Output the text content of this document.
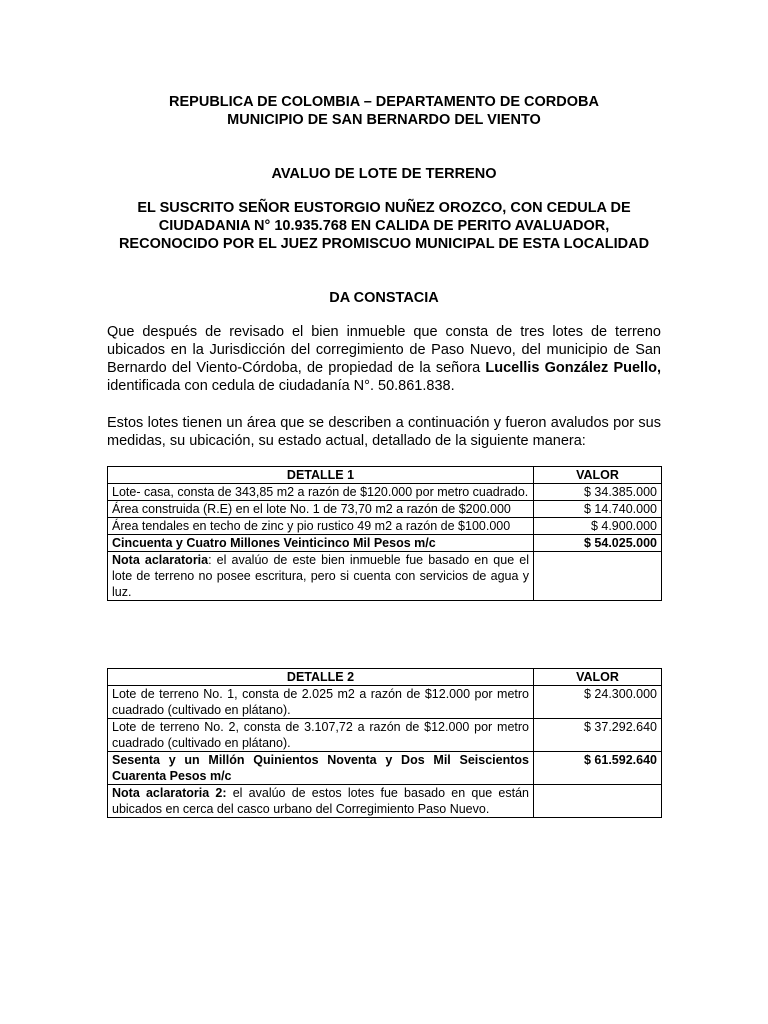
REPUBLICA DE COLOMBIA – DEPARTAMENTO DE CORDOBA
MUNICIPIO DE SAN BERNARDO DEL VIENTO
AVALUO DE LOTE DE TERRENO
EL SUSCRITO SEÑOR EUSTORGIO NUÑEZ OROZCO, CON CEDULA DE
CIUDADANIA N° 10.935.768 EN CALIDA DE PERITO AVALUADOR,
RECONOCIDO POR EL JUEZ PROMISCUO MUNICIPAL DE ESTA LOCALIDAD
DA CONSTACIA
Que después de revisado el bien inmueble que consta de tres lotes de terreno ubicados en la Jurisdicción del corregimiento de Paso Nuevo, del municipio de San Bernardo del Viento-Córdoba, de propiedad de la señora Lucellis González Puello, identificada con cedula de ciudadanía N°. 50.861.838.
Estos lotes tienen un área que se describen a continuación y fueron avaludos por sus medidas, su ubicación, su estado actual, detallado de la siguiente manera:
DETALLE 1	VALOR
Lote- casa, consta de 343,85 m2 a razón de $120.000 por metro cuadrado.	$ 34.385.000
Área construida (R.E) en el lote No. 1 de 73,70 m2 a razón de $200.000	$ 14.740.000
Área tendales en techo de zinc y pio rustico 49 m2 a razón de $100.000	$ 4.900.000
Cincuenta y Cuatro Millones Veinticinco Mil Pesos m/c	$ 54.025.000
Nota aclaratoria: el avalúo de este bien inmueble fue basado en que el lote de terreno no posee escritura, pero si cuenta con servicios de agua y luz.	
DETALLE 2	VALOR
Lote de terreno No. 1, consta de 2.025 m2 a razón de $12.000 por metro cuadrado (cultivado en plátano).	$ 24.300.000
Lote de terreno No. 2, consta de 3.107,72 a razón de $12.000 por metro cuadrado (cultivado en plátano).	$ 37.292.640
Sesenta y un Millón Quinientos Noventa y Dos Mil Seiscientos Cuarenta Pesos m/c	$ 61.592.640
Nota aclaratoria 2: el avalúo de estos lotes fue basado en que están ubicados en cerca del casco urbano del Corregimiento Paso Nuevo.	
